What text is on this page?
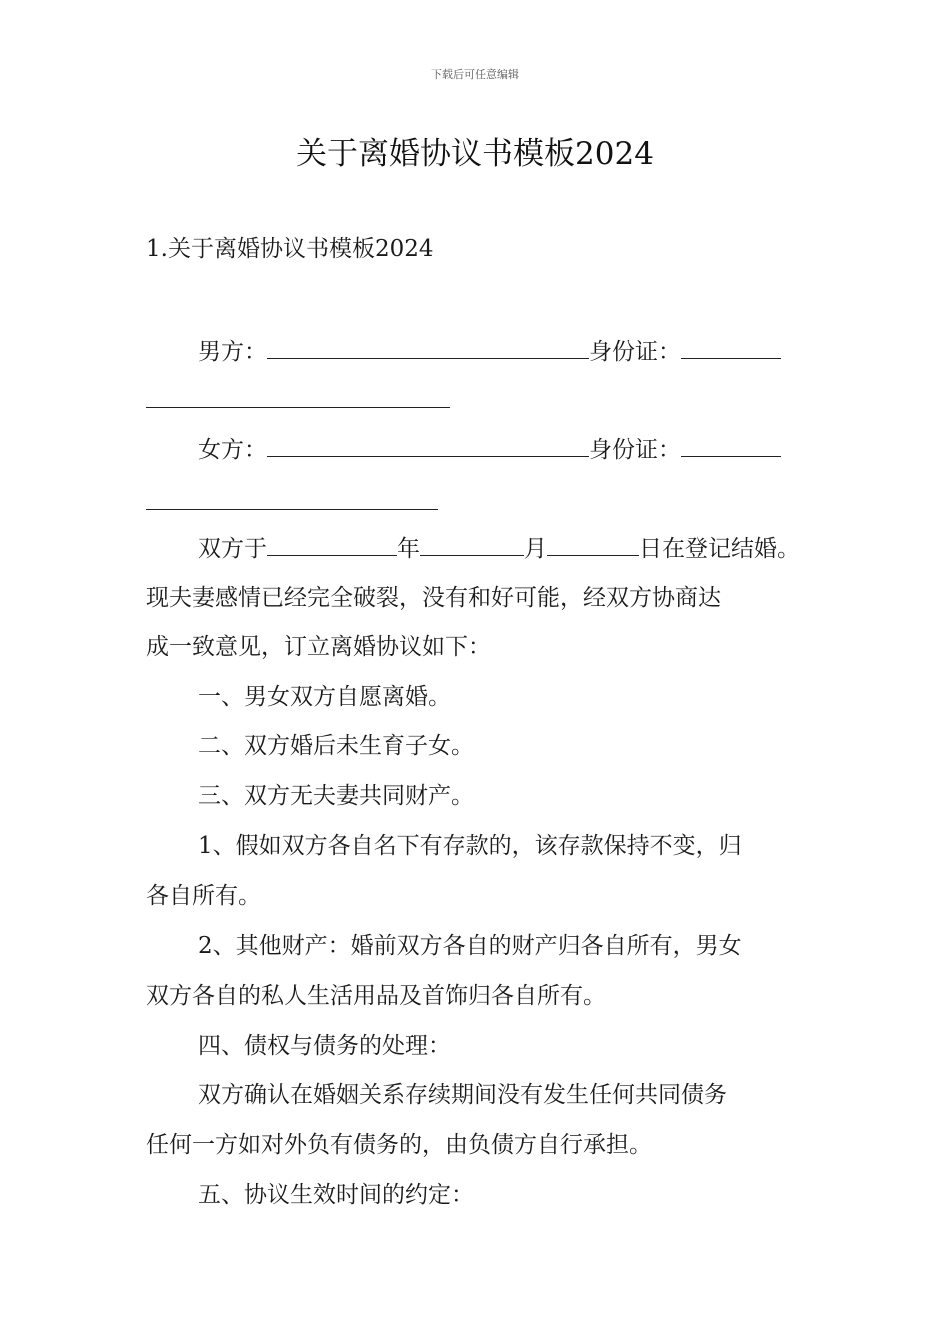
下载后可任意编辑
关于离婚协议书模板2024
1.关于离婚协议书模板2024
男方：	身份证：
女方：	身份证：
双方于	年	月	日在登记结婚。
现夫妻感情已经完全破裂，没有和好可能，经双方协商达
成一致意见，订立离婚协议如下：
一、男女双方自愿离婚。
二、双方婚后未生育子女。
三、双方无夫妻共同财产。
1、假如双方各自名下有存款的，该存款保持不变，归
各自所有。
2、其他财产：婚前双方各自的财产归各自所有，男女
双方各自的私人生活用品及首饰归各自所有。
四、债权与债务的处理：
双方确认在婚姻关系存续期间没有发生任何共同债务
任何一方如对外负有债务的，由负债方自行承担。
五、协议生效时间的约定：
